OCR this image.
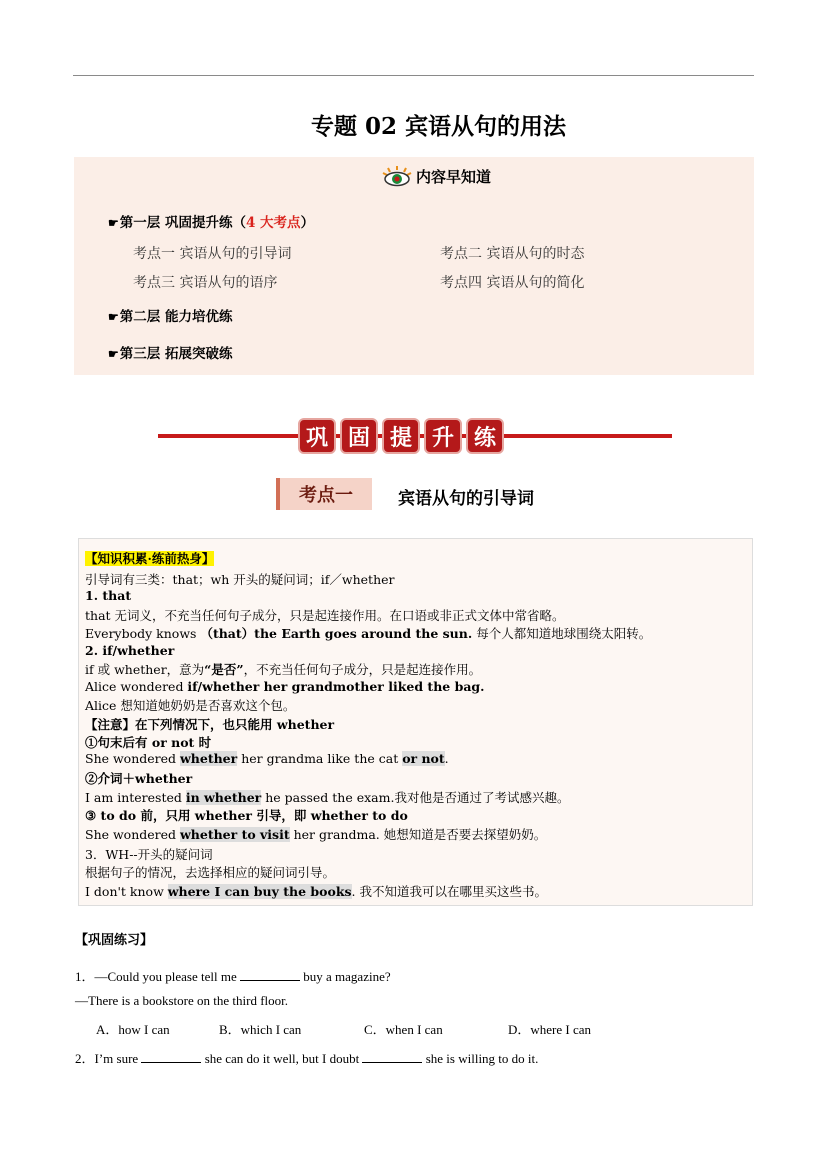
专题 02 宾语从句的用法
内容早知道
☛第一层 巩固提升练（4 大考点）
考点一 宾语从句的引导词	考点二 宾语从句的时态
考点三 宾语从句的语序	考点四 宾语从句的简化
☛第二层 能力培优练
☛第三层 拓展突破练
巩 固 提 升 练
考点一	宾语从句的引导词
【知识积累·练前热身】
引导词有三类：that；wh 开头的疑问词；if／whether
1. that
that 无词义，不充当任何句子成分，只是起连接作用。在口语或非正式文体中常省略。
Everybody knows （that）the Earth goes around the sun. 每个人都知道地球围绕太阳转。
2. if/whether
if 或 whether，意为“是否”，不充当任何句子成分，只是起连接作用。
Alice wondered if/whether her grandmother liked the bag.
Alice 想知道她奶奶是否喜欢这个包。
【注意】在下列情况下，也只能用 whether
①句末后有 or not 时
She wondered whether her grandma like the cat or not.
②介词＋whether
I am interested in whether he passed the exam.我对他是否通过了考试感兴趣。
③ to do 前，只用 whether 引导，即 whether to do
She wondered whether to visit her grandma. 她想知道是否要去探望奶奶。
3．WH--开头的疑问词
根据句子的情况，去选择相应的疑问词引导。
I don't know where I can buy the books. 我不知道我可以在哪里买这些书。
【巩固练习】
1．—Could you please tell me	buy a magazine?
—There is a bookstore on the third floor.
A．how I can	B．which I can	C．when I can	D．where I can
2．I’m sure	she can do it well, but I doubt	she is willing to do it.
